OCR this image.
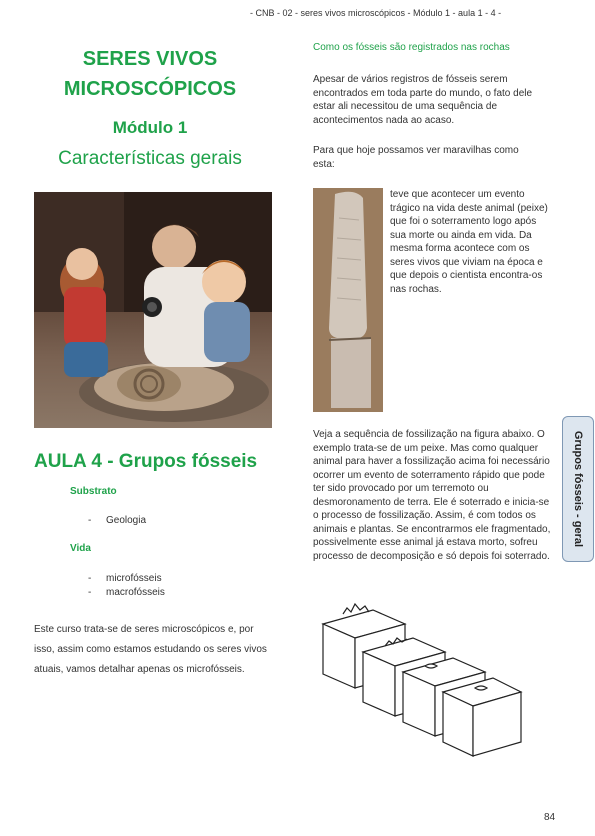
- CNB - 02 - seres vivos microscópicos - Módulo 1 - aula 1 - 4 -
SERES VIVOS
MICROSCÓPICOS
Módulo 1
Características gerais
AULA 4 - Grupos fósseis
Substrato
- Geologia
Vida
- microfósseis
- macrofósseis
Este curso trata-se de seres microscópicos e, por isso, assim como estamos estudando os seres vivos atuais, vamos detalhar apenas os microfósseis.
Como os fósseis são registrados nas rochas
Apesar de vários registros de fósseis serem encontrados em toda parte do mundo, o fato dele estar ali necessitou de uma sequência de acontecimentos nada ao acaso.
Para que hoje possamos ver maravilhas como esta:
teve que acontecer um evento trágico na vida deste animal (peixe) que foi o soterramento logo após sua morte ou ainda em vida. Da mesma forma acontece com os seres vivos que viviam na época e que depois o cientista encontra-os nas rochas.
Veja a sequência de fossilização na figura abaixo. O exemplo trata-se de um peixe. Mas como qualquer animal para haver a fossilização acima foi necessário ocorrer um evento de soterramento rápido que pode ter sido provocado por um terremoto ou desmoronamento de terra. Ele é soterrado e inicia-se o processo de fossilização. Assim, é com todos os animais e plantas. Se encontrarmos ele fragmentado, possivelmente esse animal já estava morto, sofreu processo de decomposição e só depois foi soterrado.
Grupos fósseis - geral
84
